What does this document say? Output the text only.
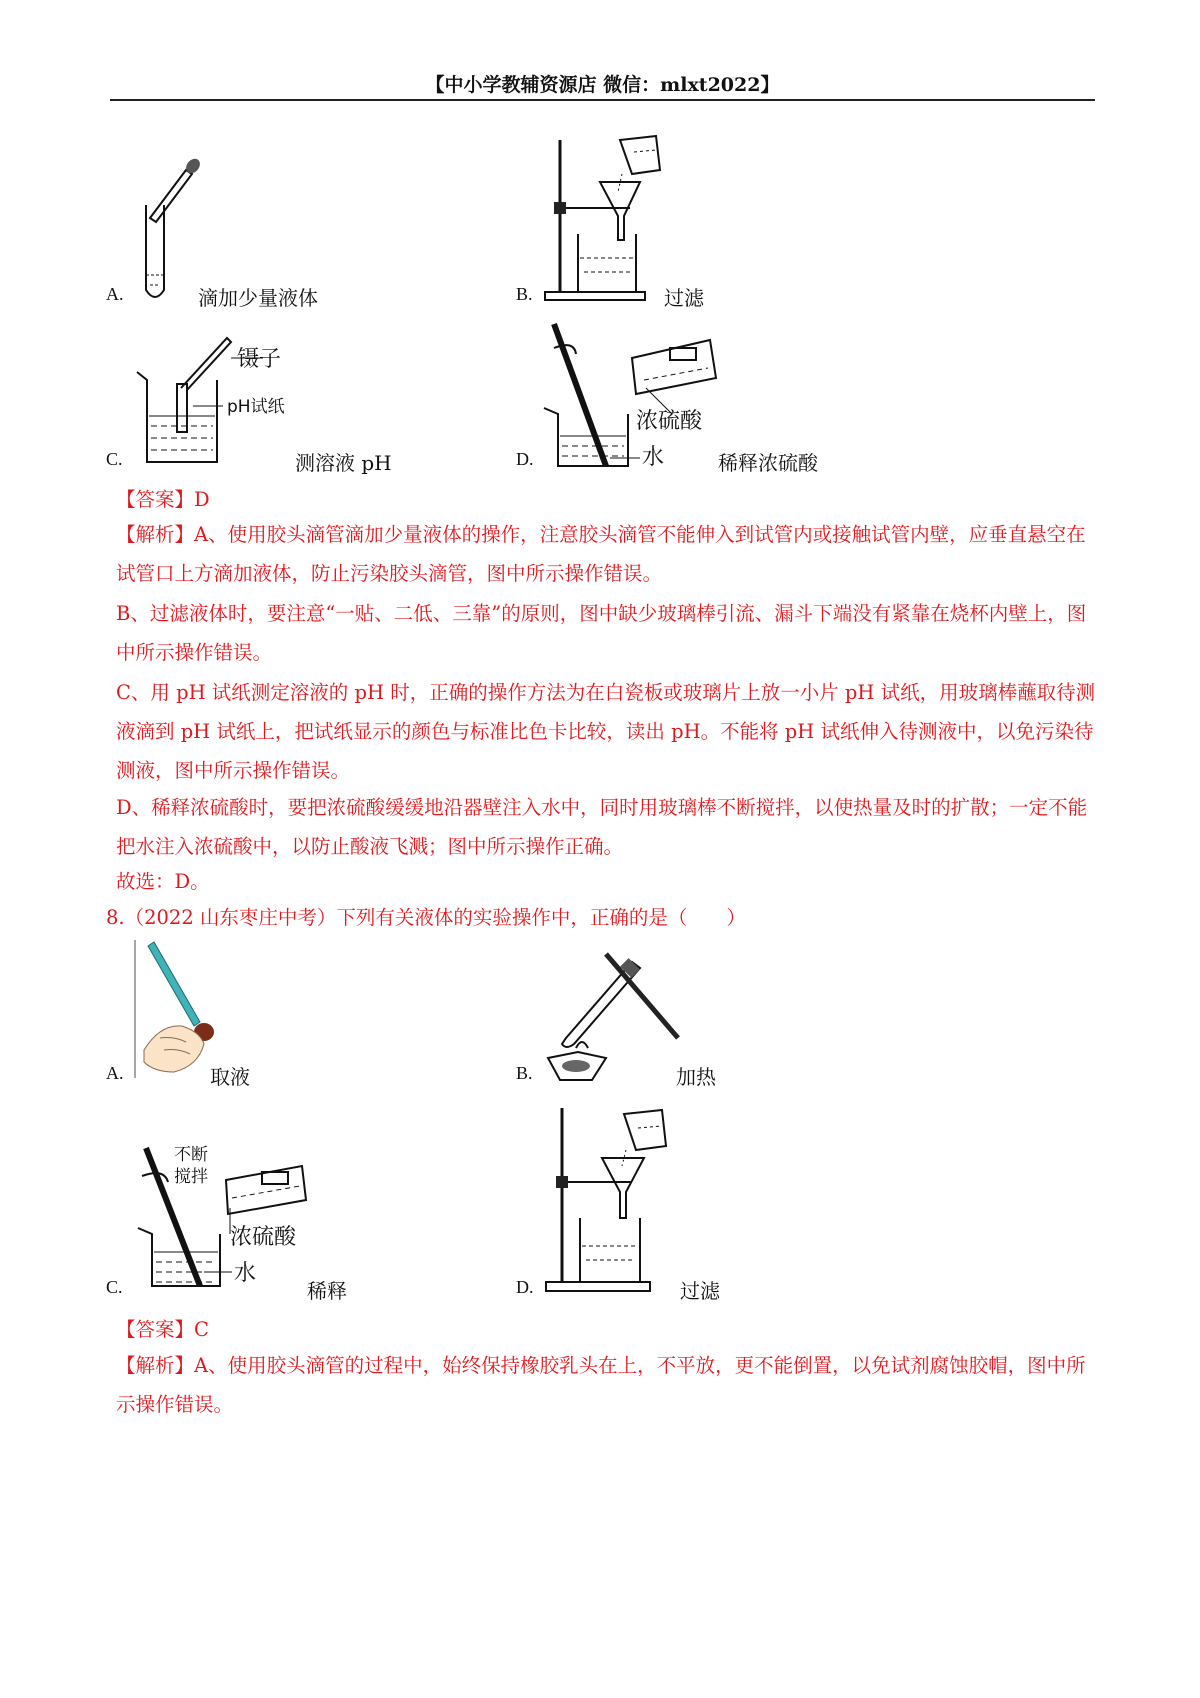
【中小学教辅资源店 微信：mlxt2022】
A.	滴加少量液体	B.	过滤
镊子
pH试纸
C.	测溶液 pH
浓硫酸
水
D.	稀释浓硫酸
【答案】D
【解析】A、使用胶头滴管滴加少量液体的操作，注意胶头滴管不能伸入到试管内或接触试管内壁，应垂直悬空在试管口上方滴加液体，防止污染胶头滴管，图中所示操作错误。
B、过滤液体时，要注意“一贴、二低、三靠”的原则，图中缺少玻璃棒引流、漏斗下端没有紧靠在烧杯内壁上，图中所示操作错误。
C、用 pH 试纸测定溶液的 pH 时，正确的操作方法为在白瓷板或玻璃片上放一小片 pH 试纸，用玻璃棒蘸取待测液滴到 pH 试纸上，把试纸显示的颜色与标准比色卡比较，读出 pH。不能将 pH 试纸伸入待测液中，以免污染待测液，图中所示操作错误。
D、稀释浓硫酸时，要把浓硫酸缓缓地沿器壁注入水中，同时用玻璃棒不断搅拌，以使热量及时的扩散；一定不能把水注入浓硫酸中，以防止酸液飞溅；图中所示操作正确。
故选：D。
8.（2022 山东枣庄中考）下列有关液体的实验操作中，正确的是（　　）
A.	取液	B.	加热
不断
搅拌
浓硫酸
水
C.	稀释	D.	过滤
【答案】C
【解析】A、使用胶头滴管的过程中，始终保持橡胶乳头在上，不平放，更不能倒置，以免试剂腐蚀胶帽，图中所示操作错误。
